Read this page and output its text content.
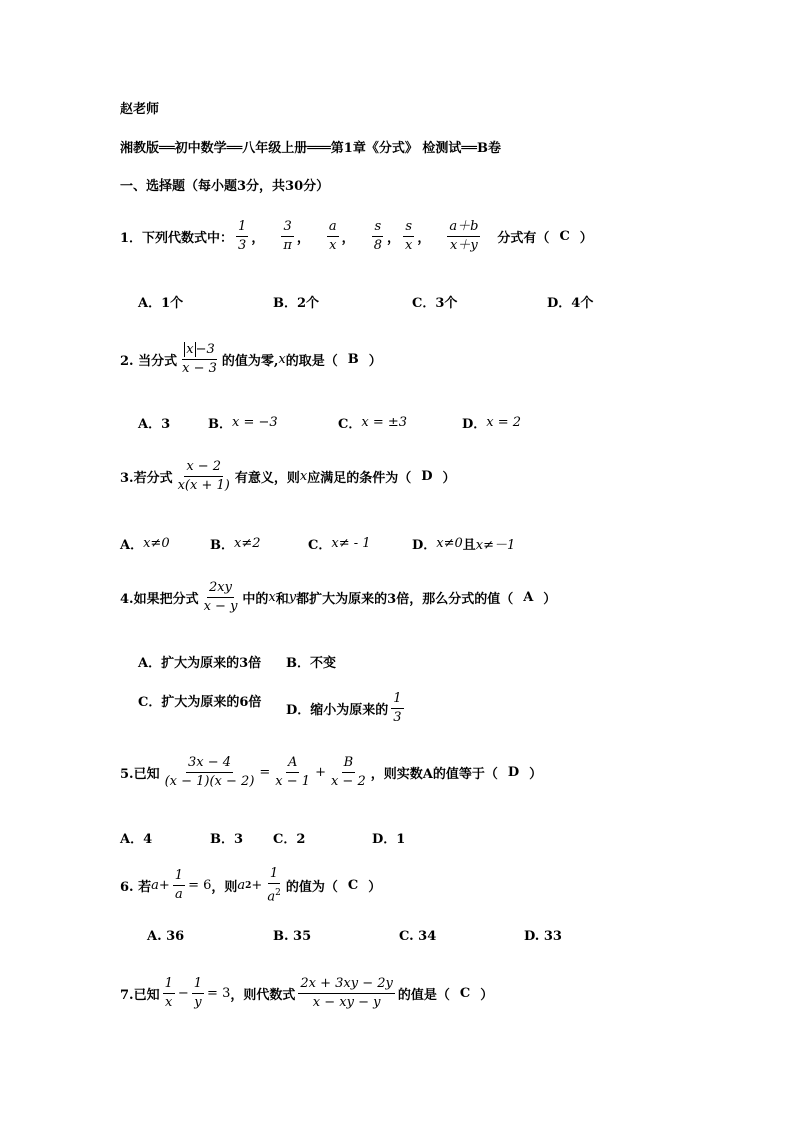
赵老师
湘教版══初中数学══八年级上册═══第1章《分式》 检测试══B卷
一、选择题（每小题3分，共30分）
1．下列代数式中： $\frac{1}{3}$ ， $\frac{3}{\pi}$ ， $\frac{a}{x}$ ， $\frac{s}{8}$ ， $\frac{s}{x}$ ， $\frac{a+b}{x+y}$ 分式有（ C ）
A．1个	B．2个	C．3个	D．4个
2. 当分式 $\frac{x -3}{x - 3}$ 的值为零, x 的取是（ B ）
A．3	B． x = −3	C． x = ±3	D． x = 2
3.若分式 $\frac{x - 2}{x(x + 1)}$ 有意义，则 x 应满足的条件为（ D ）
A． x≠0	B． x≠2	C． x≠ - 1	D． x≠0 且 x≠－1
4.如果把分式 $\frac{2xy}{x - y}$ 中的 x 和 y 都扩大为原来的3倍，那么分式的值（ A ）
A．扩大为原来的3倍 B．不变
C．扩大为原来的6倍
D．缩小为原来的 $\frac{1}{3}$
5.已知 $\frac{3x - 4}{(x - 1)(x - 2)} = \frac{A}{x - 1} + \frac{B}{x - 2}$ ，则实数A的值等于（ D ）
A．4	B．3 C．2	D．1
6. 若 $a + \frac{1}{a} = 6$ ，则 a $2 + \frac{1}{a^2}$ 的值为（ C ）
A. 36	B. 35	C. 34	D. 33
7.已知 $\frac{1}{x} - \frac{1}{y} = 3$ ，则代数式 $\frac{2x + 3xy - 2y}{x - xy - y}$ 的值是（ C ）
